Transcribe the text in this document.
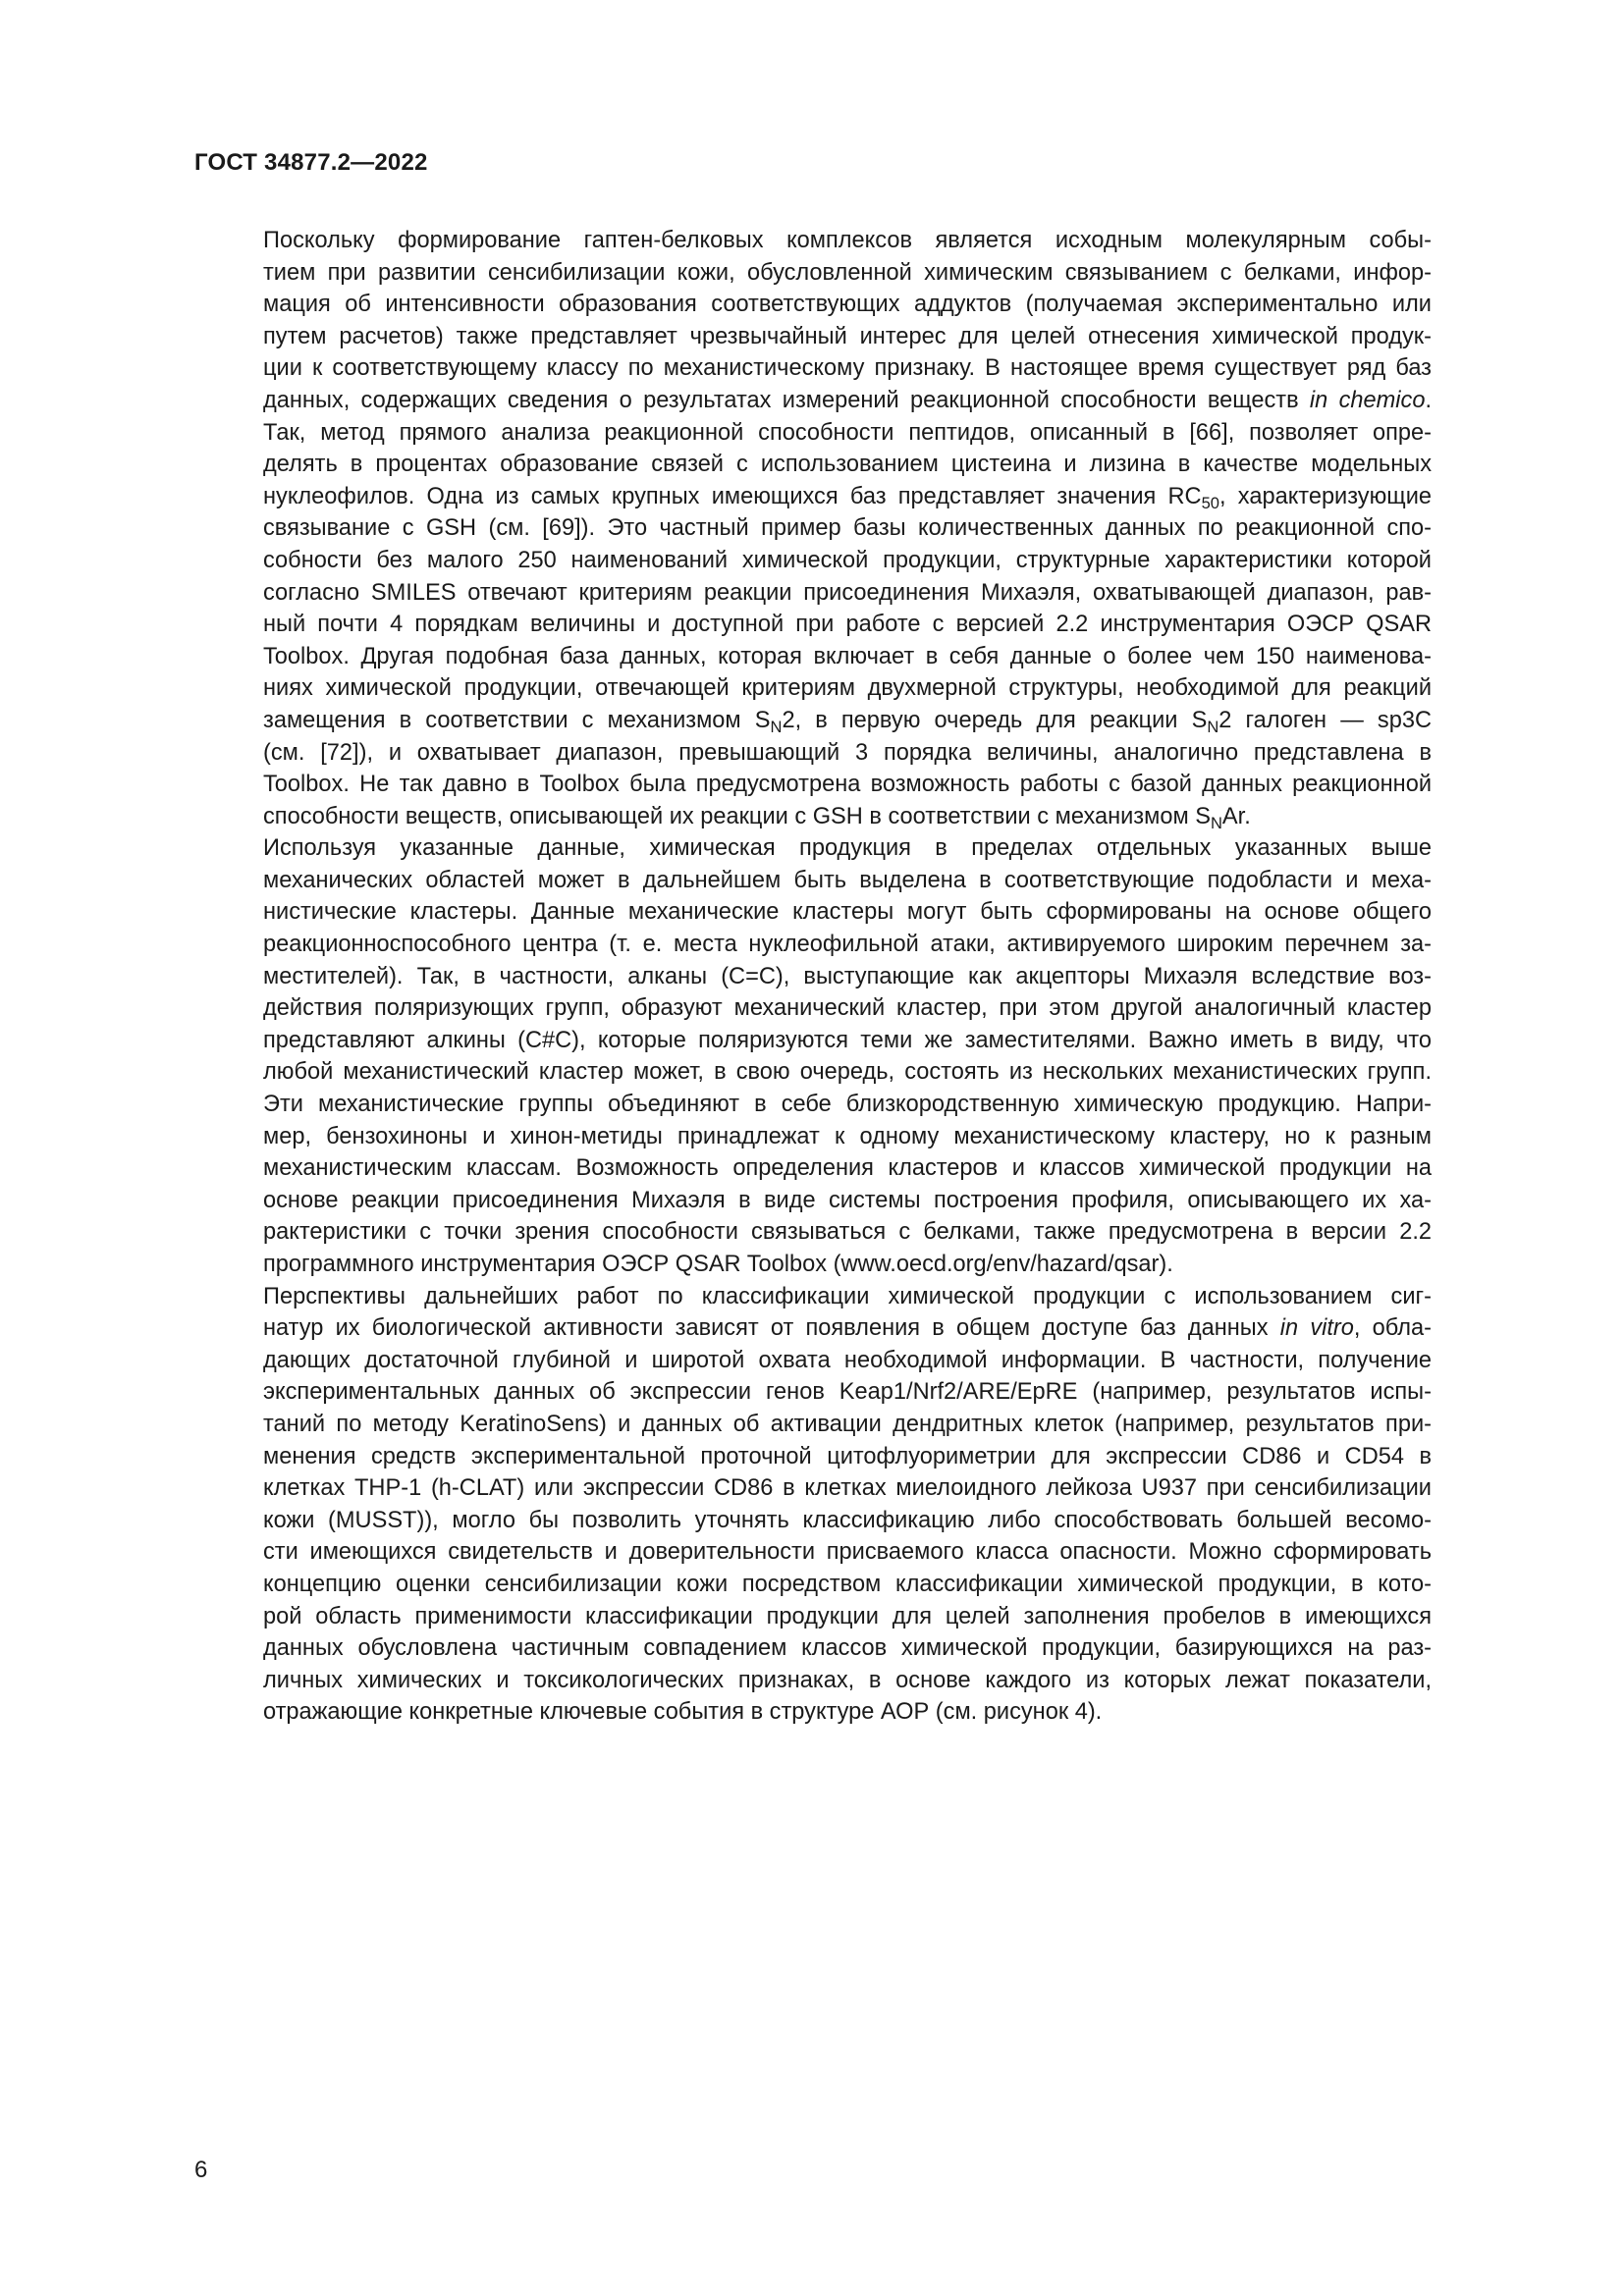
ГОСТ 34877.2—2022

Поскольку формирование гаптен-белковых комплексов является исходным молекулярным собы-
тием при развитии сенсибилизации кожи, обусловленной химическим связыванием с белками, инфор-
мация об интенсивности образования соответствующих аддуктов (получаемая экспериментально или
путем расчетов) также представляет чрезвычайный интерес для целей отнесения химической продук-
ции к соответствующему классу по механистическому признаку. В настоящее время существует ряд баз
данных, содержащих сведения о результатах измерений реакционной способности веществ in chemico.
Так, метод прямого анализа реакционной способности пептидов, описанный в [66], позволяет опре-
делять в процентах образование связей с использованием цистеина и лизина в качестве модельных
нуклеофилов. Одна из самых крупных имеющихся баз представляет значения $RC_{50}$, характеризующие
связывание с GSH (см. [69]). Это частный пример базы количественных данных по реакционной спо-
собности без малого 250 наименований химической продукции, структурные характеристики которой
согласно SMILES отвечают критериям реакции присоединения Михаэля, охватывающей диапазон, рав-
ный почти 4 порядкам величины и доступной при работе с версией 2.2 инструментария ОЭСР QSAR
Toolbox. Другая подобная база данных, которая включает в себя данные о более чем 150 наименова-
ниях химической продукции, отвечающей критериям двухмерной структуры, необходимой для реакций
замещения в соответствии с механизмом $S_N2$, в первую очередь для реакции $S_N2$ галоген — sp3C
(см. [72]), и охватывает диапазон, превышающий 3 порядка величины, аналогично представлена в
Toolbox. Не так давно в Toolbox была предусмотрена возможность работы с базой данных реакционной
способности веществ, описывающей их реакции с GSH в соответствии с механизмом $S_NAr$.

Используя указанные данные, химическая продукция в пределах отдельных указанных выше
механических областей может в дальнейшем быть выделена в соответствующие подобласти и меха-
нистические кластеры. Данные механические кластеры могут быть сформированы на основе общего
реакционноспособного центра (т. е. места нуклеофильной атаки, активируемого широким перечнем за-
местителей). Так, в частности, алканы (C=C), выступающие как акцепторы Михаэля вследствие воз-
действия поляризующих групп, образуют механический кластер, при этом другой аналогичный кластер
представляют алкины (C#C), которые поляризуются теми же заместителями. Важно иметь в виду, что
любой механистический кластер может, в свою очередь, состоять из нескольких механистических групп.
Эти механистические группы объединяют в себе близкородственную химическую продукцию. Напри-
мер, бензохиноны и хинон-метиды принадлежат к одному механистическому кластеру, но к разным
механистическим классам. Возможность определения кластеров и классов химической продукции на
основе реакции присоединения Михаэля в виде системы построения профиля, описывающего их ха-
рактеристики с точки зрения способности связываться с белками, также предусмотрена в версии 2.2
программного инструментария ОЭСР QSAR Toolbox (www.oecd.org/env/hazard/qsar).

Перспективы дальнейших работ по классификации химической продукции с использованием сиг-
натур их биологической активности зависят от появления в общем доступе баз данных in vitro, обла-
дающих достаточной глубиной и широтой охвата необходимой информации. В частности, получение
экспериментальных данных об экспрессии генов Keap1/Nrf2/ARE/EpRE (например, результатов испы-
таний по методу KeratinoSens) и данных об активации дендритных клеток (например, результатов при-
менения средств экспериментальной проточной цитофлуориметрии для экспрессии CD86 и CD54 в
клетках THP-1 (h-CLAT) или экспрессии CD86 в клетках миелоидного лейкоза U937 при сенсибилизации
кожи (MUSST)), могло бы позволить уточнять классификацию либо способствовать большей весомо-
сти имеющихся свидетельств и доверительности присваемого класса опасности. Можно сформировать
концепцию оценки сенсибилизации кожи посредством классификации химической продукции, в кото-
рой область применимости классификации продукции для целей заполнения пробелов в имеющихся
данных обусловлена частичным совпадением классов химической продукции, базирующихся на раз-
личных химических и токсикологических признаках, в основе каждого из которых лежат показатели,
отражающие конкретные ключевые события в структуре АОР (см. рисунок 4).

6
